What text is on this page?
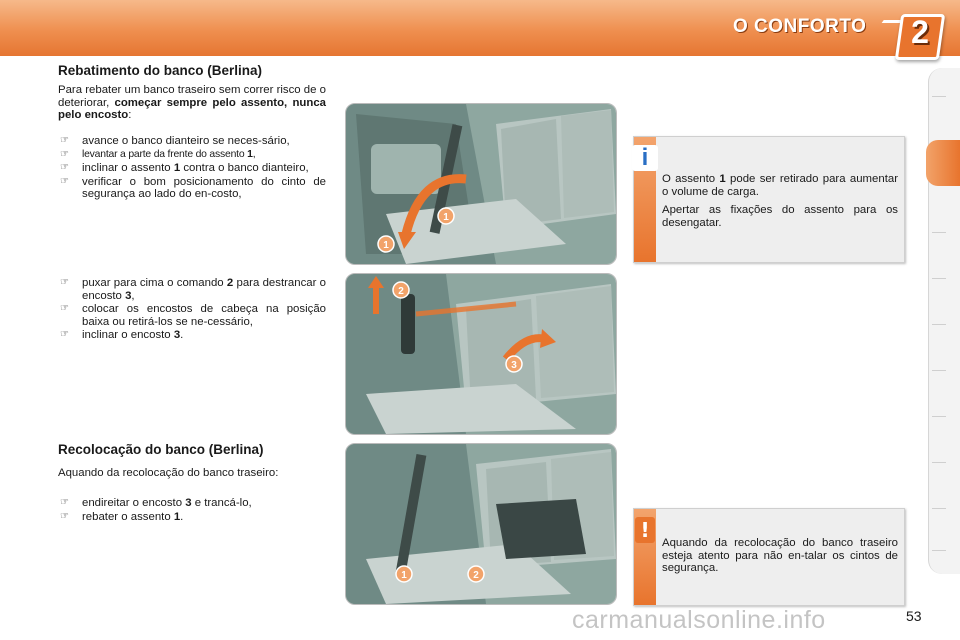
O CONFORTO 2
Rebatimento do banco (Berlina)
Para rebater um banco traseiro sem correr risco de o deteriorar, começar sempre pelo assento, nunca pelo encosto:
☞ avance o banco dianteiro se neces-sário,
☞ levantar a parte da frente do assento 1,
☞ inclinar o assento 1 contra o banco dianteiro,
☞ verificar o bom posicionamento do cinto de segurança ao lado do en-costo,
☞ puxar para cima o comando 2 para destrancar o encosto 3,
☞ colocar os encostos de cabeça na posição baixa ou retirá-los se ne-cessário,
☞ inclinar o encosto 3.
Recolocação do banco (Berlina)
Aquando da recolocação do banco traseiro:
☞ endireitar o encosto 3 e trancá-lo,
☞ rebater o assento 1.
1
1
2
3
1	2
i

O assento 1 pode ser retirado para aumentar o volume de carga.

Apertar as fixações do assento para os desengatar.

!
Aquando da recolocação do banco traseiro esteja atento para não en-talar os cintos de segurança.
carmanualsonline.info	53
